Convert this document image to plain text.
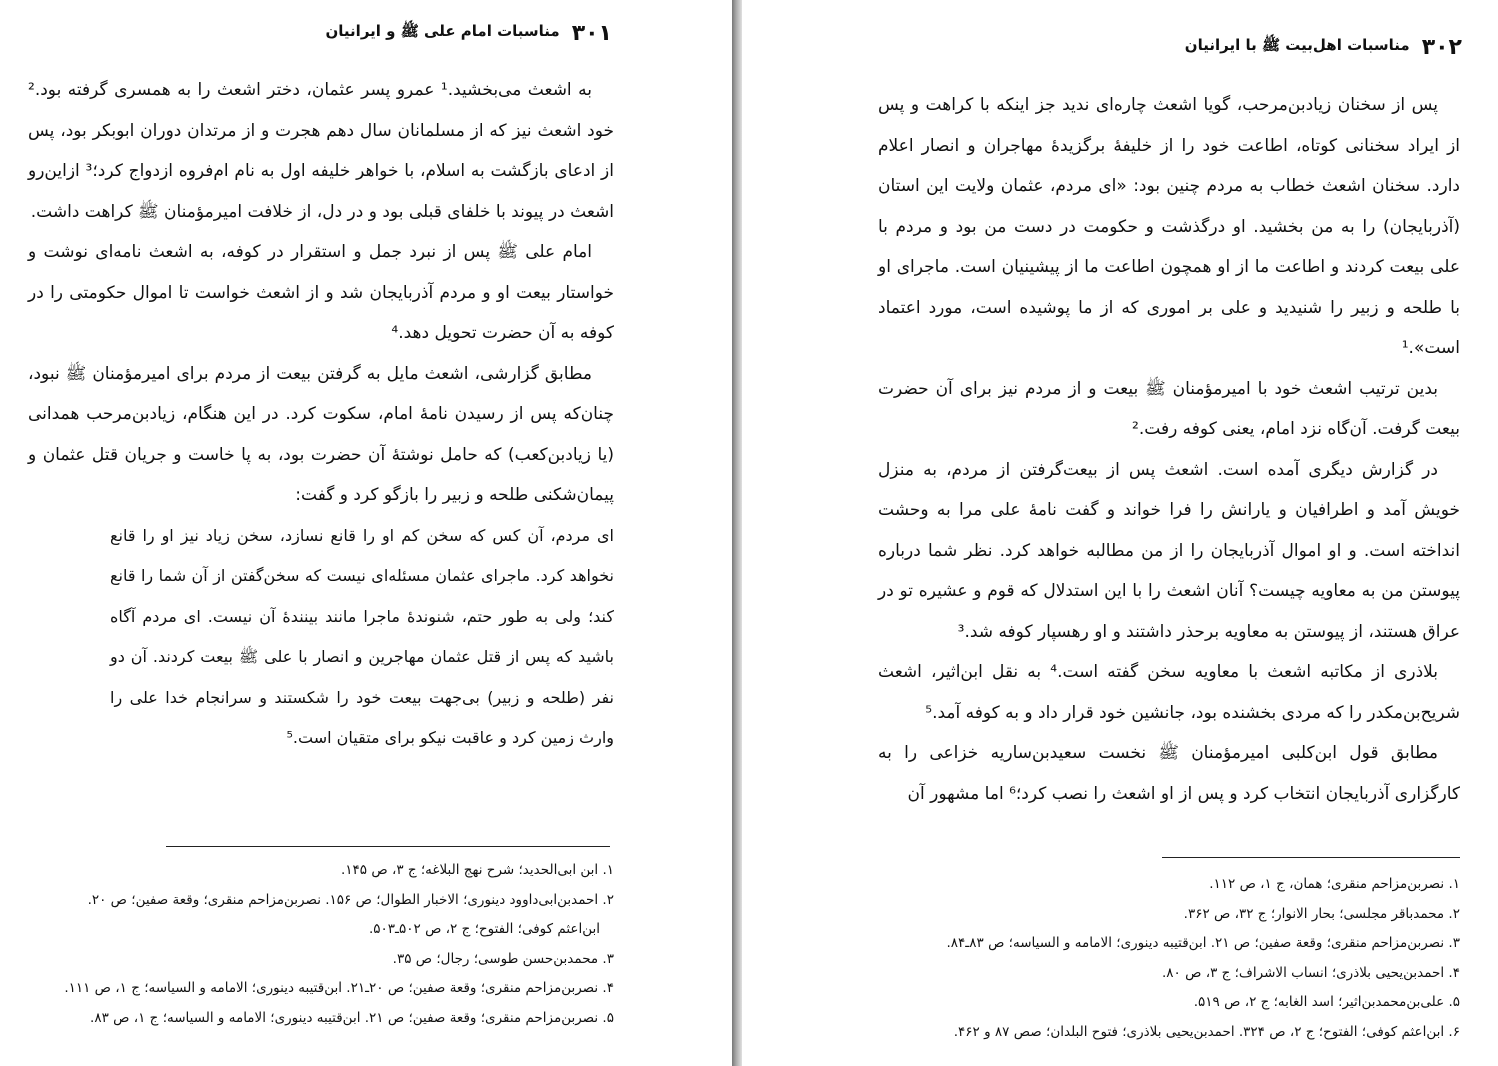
۳۰۱
مناسبات امام علی ﷺ و ایرانیان

به اشعث می‌بخشید.¹ عمرو پسر عثمان، دختر اشعث را به همسری گرفته بود.² خود اشعث نیز که از مسلمانان سال دهم هجرت و از مرتدان دوران ابوبکر بود، پس از ادعای بازگشت به اسلام، با خواهر خلیفه اول به نام ام‌فروه ازدواج کرد؛³ ازاین‌رو اشعث در پیوند با خلفای قبلی بود و در دل، از خلافت امیرمؤمنان ﷺ کراهت داشت.

امام علی ﷺ پس از نبرد جمل و استقرار در کوفه، به اشعث نامه‌ای نوشت و خواستار بیعت او و مردم آذربایجان شد و از اشعث خواست تا اموال حکومتی را در کوفه به آن حضرت تحویل دهد.⁴

مطابق گزارشی، اشعث مایل به گرفتن بیعت از مردم برای امیرمؤمنان ﷺ نبود، چنان‌که پس از رسیدن نامهٔ امام، سکوت کرد. در این هنگام، زیادبن‌مرحب همدانی (یا زیادبن‌کعب) که حامل نوشتهٔ آن حضرت بود، به پا خاست و جریان قتل عثمان و پیمان‌شکنی طلحه و زبیر را بازگو کرد و گفت:

ای مردم، آن کس که سخن کم او را قانع نسازد، سخن زیاد نیز او را قانع نخواهد کرد. ماجرای عثمان مسئله‌ای نیست که سخن‌گفتن از آن شما را قانع کند؛ ولی به طور حتم، شنوندهٔ ماجرا مانند بینندهٔ آن نیست. ای مردم آگاه باشید که پس از قتل عثمان مهاجرین و انصار با علی ﷺ بیعت کردند. آن دو نفر (طلحه و زبیر) بی‌جهت بیعت خود را شکستند و سرانجام خدا علی را وارث زمین کرد و عاقبت نیکو برای متقیان است.⁵

۱. ابن ابی‌الحدید؛ شرح نهج البلاغه؛ ج ۳، ص ۱۴۵.
۲. احمدبن‌ابی‌داوود دینوری؛ الاخبار الطوال؛ ص ۱۵۶. نصربن‌مزاحم منقری؛ وقعة صفین؛ ص ۲۰.
ابن‌اعثم کوفی؛ الفتوح؛ ج ۲، ص ۵۰۲ـ۵۰۳.
۳. محمدبن‌حسن طوسی؛ رجال؛ ص ۳۵.
۴. نصربن‌مزاحم منقری؛ وقعة صفین؛ ص ۲۰ـ۲۱. ابن‌قتیبه دینوری؛ الامامه و السیاسه؛ ج ۱، ص ۱۱۱.
۵. نصربن‌مزاحم منقری؛ وقعة صفین؛ ص ۲۱. ابن‌قتیبه دینوری؛ الامامه و السیاسه؛ ج ۱، ص ۸۳.
۳۰۲
مناسبات اهل‌بیت ﷺ با ایرانیان

پس از سخنان زیادبن‌مرحب، گویا اشعث چاره‌ای ندید جز اینکه با کراهت و پس از ایراد سخنانی کوتاه، اطاعت خود را از خلیفهٔ برگزیدهٔ مهاجران و انصار اعلام دارد. سخنان اشعث خطاب به مردم چنین بود: «ای مردم، عثمان ولایت این استان (آذربایجان) را به من بخشید. او درگذشت و حکومت در دست من بود و مردم با علی بیعت کردند و اطاعت ما از او همچون اطاعت ما از پیشینیان است. ماجرای او با طلحه و زبیر را شنیدید و علی بر اموری که از ما پوشیده است، مورد اعتماد است».¹

بدین ترتیب اشعث خود با امیرمؤمنان ﷺ بیعت و از مردم نیز برای آن حضرت بیعت گرفت. آن‌گاه نزد امام، یعنی کوفه رفت.²

در گزارش دیگری آمده است. اشعث پس از بیعت‌گرفتن از مردم، به منزل خویش آمد و اطرافیان و یارانش را فرا خواند و گفت نامهٔ علی مرا به وحشت انداخته است. و او اموال آذربایجان را از من مطالبه خواهد کرد. نظر شما درباره پیوستن من به معاویه چیست؟ آنان اشعث را با این استدلال که قوم و عشیره تو در عراق هستند، از پیوستن به معاویه برحذر داشتند و او رهسپار کوفه شد.³

بلاذری از مکاتبه اشعث با معاویه سخن گفته است.⁴ به نقل ابن‌اثیر، اشعث شریح‌بن‌مکدر را که مردی بخشنده بود، جانشین خود قرار داد و به کوفه آمد.⁵

مطابق قول ابن‌کلبی امیرمؤمنان ﷺ نخست سعیدبن‌ساریه خزاعی را به کارگزاری آذربایجان انتخاب کرد و پس از او اشعث را نصب کرد؛⁶ اما مشهور آن

۱. نصربن‌مزاحم منقری؛ همان، ج ۱، ص ۱۱۲.
۲. محمدباقر مجلسی؛ بحار الانوار؛ ج ۳۲، ص ۳۶۲.
۳. نصربن‌مزاحم منقری؛ وقعة صفین؛ ص ۲۱. ابن‌قتیبه دینوری؛ الامامه و السیاسه؛ ص ۸۳ـ۸۴.
۴. احمدبن‌یحیی بلاذری؛ انساب الاشراف؛ ج ۳، ص ۸۰.
۵. علی‌بن‌محمدبن‌اثیر؛ اسد الغابه؛ ج ۲، ص ۵۱۹.
۶. ابن‌اعثم کوفی؛ الفتوح؛ ج ۲، ص ۳۲۴. احمدبن‌یحیی بلاذری؛ فتوح البلدان؛ صص ۸۷ و ۴۶۲.
